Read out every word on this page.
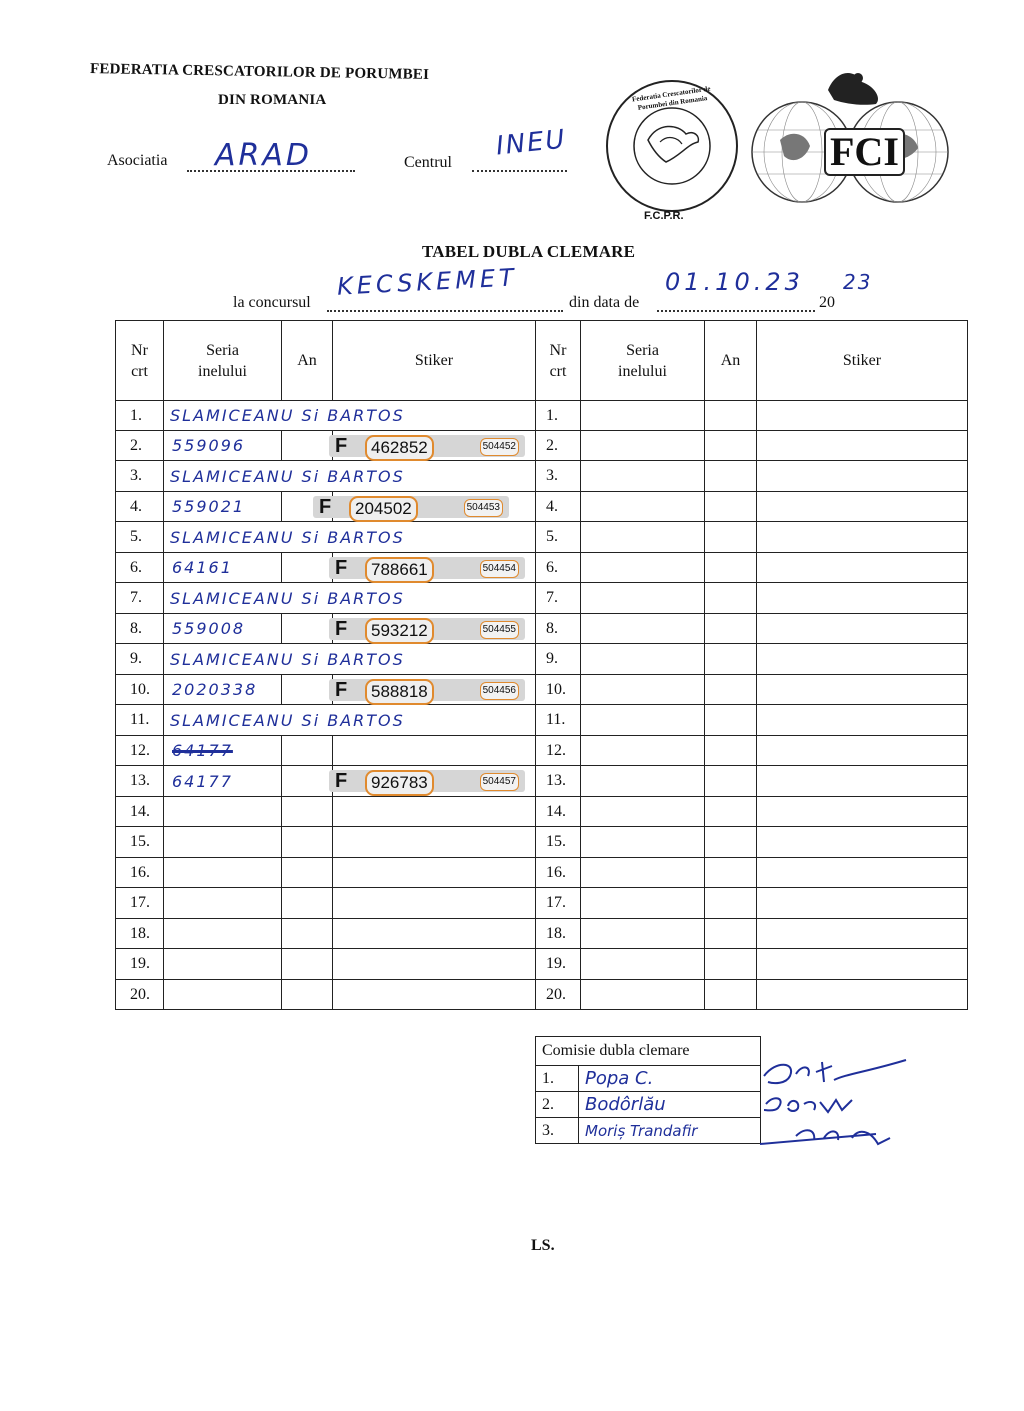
FEDERATIA CRESCATORILOR DE PORUMBEI
DIN ROMANIA
Asociatia ARAD	Centrul
INEU
Federatia Crescatorilor de Porumbei din Romania
F.C.P.R.
FCI
TABEL DUBLA CLEMARE
la concursul
KECSKEMET
din data de
01.10.23
20
23
Nr crt	Seria inelului	An	Stiker	Nr crt	Seria inelului	An	Stiker
1.	SLAMICEANU Si BARTOS			1.			
2.	559096		F 462852 504452	2.			
3.	SLAMICEANU Si BARTOS			3.			
4.	559021		F 204502 504453	4.			
5.	SLAMICEANU Si BARTOS			5.			
6.	64161		F 788661 504454	6.			
7.	SLAMICEANU Si BARTOS			7.			
8.	559008		F 593212 504455	8.			
9.	SLAMICEANU Si BARTOS			9.			
10.	2020338		F 588818 504456	10.			
11.	SLAMICEANU Si BARTOS			11.			
12.	64177			12.			
13.	64177		F 926783 504457	13.			
14.				14.			
15.				15.			
16.				16.			
17.				17.			
18.				18.			
19.				19.			
20.				20.			
Comisie dubla clemare	
1.	Popa C.
2.	Bodôrlău
3.	Moriș Trandafir
LS.
